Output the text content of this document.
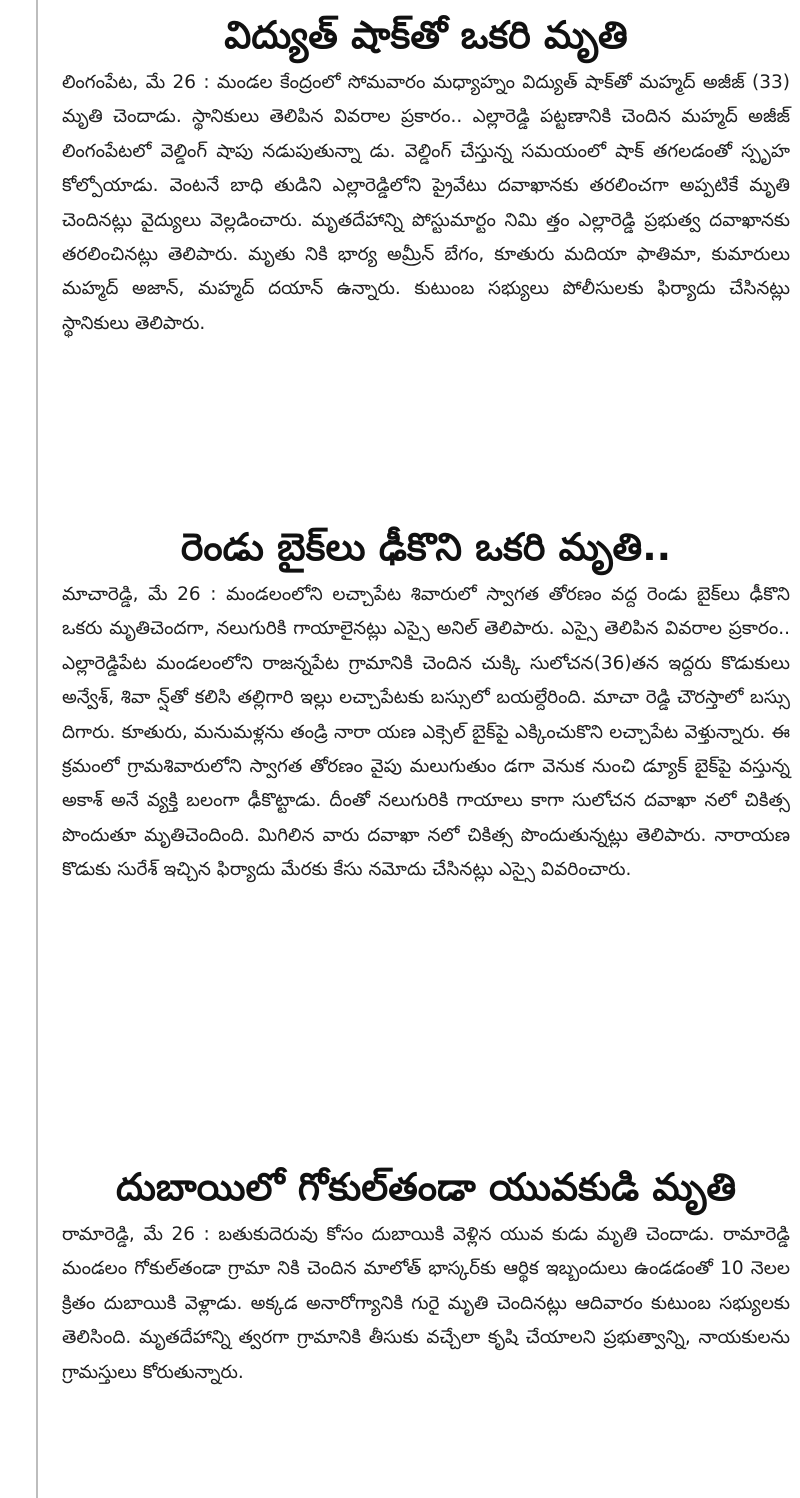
విద్యుత్ షాక్‌తో ఒకరి మృతి

లింగంపేట, మే 26 : మండల కేంద్రంలో సోమవారం మధ్యాహ్నం విద్యుత్ షాక్‌తో మహ్మద్ అజీజ్ (33) మృతి చెందాడు. స్థానికులు తెలిపిన వివరాల ప్రకారం.. ఎల్లారెడ్డి పట్టణానికి చెందిన మహ్మద్ అజీజ్ లింగంపేటలో వెల్డింగ్ షాపు నడుపుతున్నా డు. వెల్డింగ్ చేస్తున్న సమయంలో షాక్ తగలడంతో స్పృహ కోల్పోయాడు. వెంటనే బాధి తుడిని ఎల్లారెడ్డిలోని ప్రైవేటు దవాఖానకు తరలించగా అప్పటికే మృతి చెందినట్లు వైద్యులు వెల్లడించారు. మృతదేహాన్ని పోస్టుమార్టం నిమి త్తం ఎల్లారెడ్డి ప్రభుత్వ దవాఖానకు తరలించినట్లు తెలిపారు. మృతు నికి భార్య అమ్రీన్ బేగం, కూతురు మదియా ఫాతిమా, కుమారులు మహ్మద్ అజాన్, మహ్మద్ దయాన్ ఉన్నారు. కుటుంబ సభ్యులు పోలీసులకు ఫిర్యాదు చేసినట్లు స్థానికులు తెలిపారు.

రెండు బైక్‌లు ఢీకొని ఒకరి మృతి..

మాచారెడ్డి, మే 26 : మండలంలోని లచ్చాపేట శివారులో స్వాగత తోరణం వద్ద రెండు బైక్‌లు ఢీకొని ఒకరు మృతిచెందగా, నలుగురికి గాయాలైనట్లు ఎస్సై అనిల్ తెలిపారు. ఎస్సై తెలిపిన వివరాల ప్రకారం.. ఎల్లారెడ్డిపేట మండలంలోని రాజన్నపేట గ్రామానికి చెందిన చుక్కి సులోచన(36)తన ఇద్దరు కొడుకులు అన్వేశ్, శివా న్ష్‌తో కలిసి తల్లిగారి ఇల్లు లచ్చాపేటకు బస్సులో బయల్దేరింది. మాచా రెడ్డి చౌరస్తాలో బస్సు దిగారు. కూతురు, మనుమళ్లను తండ్రి నారా యణ ఎక్సెల్ బైక్‌పై ఎక్కించుకొని లచ్చాపేట వెళ్తున్నారు. ఈ క్రమంలో గ్రామశివారులోని స్వాగత తోరణం వైపు మలుగుతుం డగా వెనుక నుంచి డ్యూక్ బైక్‌పై వస్తున్న అకాశ్ అనే వ్యక్తి బలంగా ఢీకొట్టాడు. దీంతో నలుగురికి గాయాలు కాగా సులోచన దవాఖా నలో చికిత్స పొందుతూ మృతిచెందింది. మిగిలిన వారు దవాఖా నలో చికిత్స పొందుతున్నట్లు తెలిపారు. నారాయణ కొడుకు సురేశ్ ఇచ్చిన ఫిర్యాదు మేరకు కేసు నమోదు చేసినట్లు ఎస్సై వివరించారు.

దుబాయిలో గోకుల్‌తండా యువకుడి మృతి

రామారెడ్డి, మే 26 : బతుకుదెరువు కోసం దుబాయికి వెళ్లిన యువ కుడు మృతి చెందాడు. రామారెడ్డి మండలం గోకుల్‌తండా గ్రామా నికి చెందిన మాలోత్ భాస్కర్‌కు ఆర్థిక ఇబ్బందులు ఉండడంతో 10 నెలల క్రితం దుబాయికి వెళ్లాడు. అక్కడ అనారోగ్యానికి గురై మృతి చెందినట్లు ఆదివారం కుటుంబ సభ్యులకు తెలిసింది. మృతదేహాన్ని త్వరగా గ్రామానికి తీసుకు వచ్చేలా కృషి చేయాలని ప్రభుత్వాన్ని, నాయకులను గ్రామస్తులు కోరుతున్నారు.
